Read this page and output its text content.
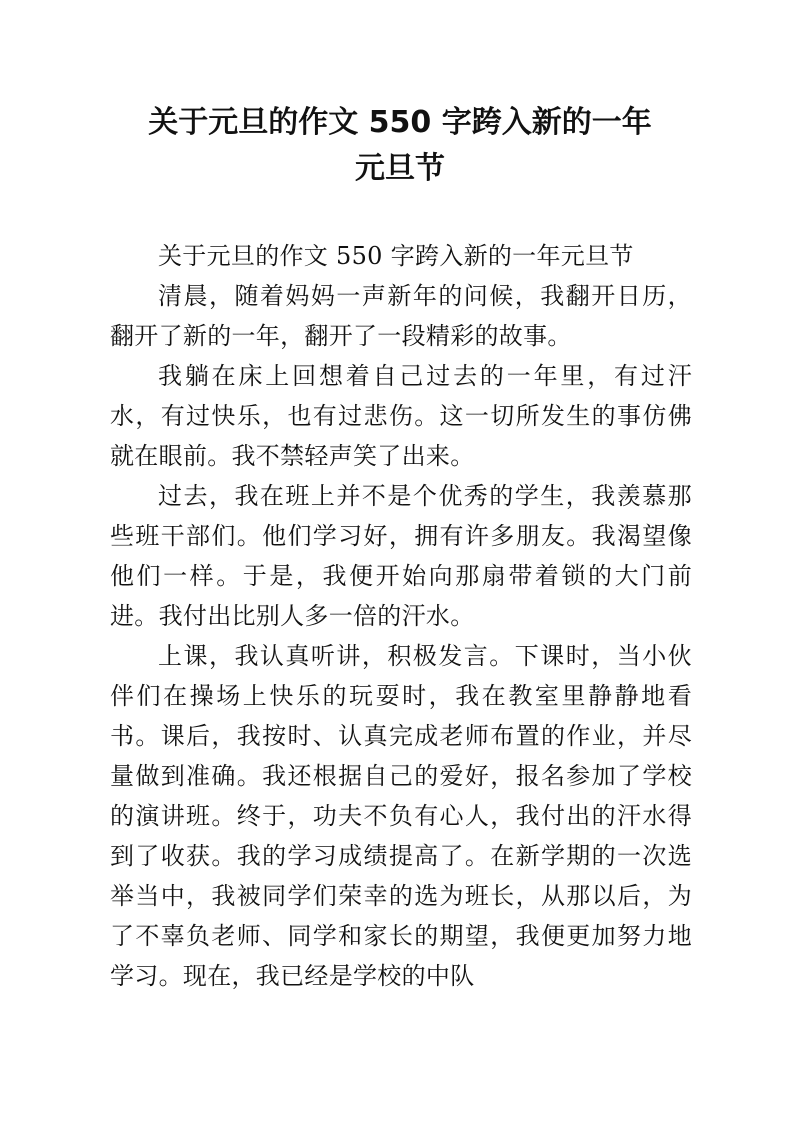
关于元旦的作文 550 字跨入新的一年
元旦节

关于元旦的作文 550 字跨入新的一年元旦节

清晨，随着妈妈一声新年的问候，我翻开日历，翻开了新的一年，翻开了一段精彩的故事。

我躺在床上回想着自己过去的一年里，有过汗水，有过快乐，也有过悲伤。这一切所发生的事仿佛就在眼前。我不禁轻声笑了出来。

过去，我在班上并不是个优秀的学生，我羡慕那些班干部们。他们学习好，拥有许多朋友。我渴望像他们一样。于是，我便开始向那扇带着锁的大门前进。我付出比别人多一倍的汗水。

上课，我认真听讲，积极发言。下课时，当小伙伴们在操场上快乐的玩耍时，我在教室里静静地看书。课后，我按时、认真完成老师布置的作业，并尽量做到准确。我还根据自己的爱好，报名参加了学校的演讲班。终于，功夫不负有心人，我付出的汗水得到了收获。我的学习成绩提高了。在新学期的一次选举当中，我被同学们荣幸的选为班长，从那以后，为了不辜负老师、同学和家长的期望，我便更加努力地学习。现在，我已经是学校的中队
